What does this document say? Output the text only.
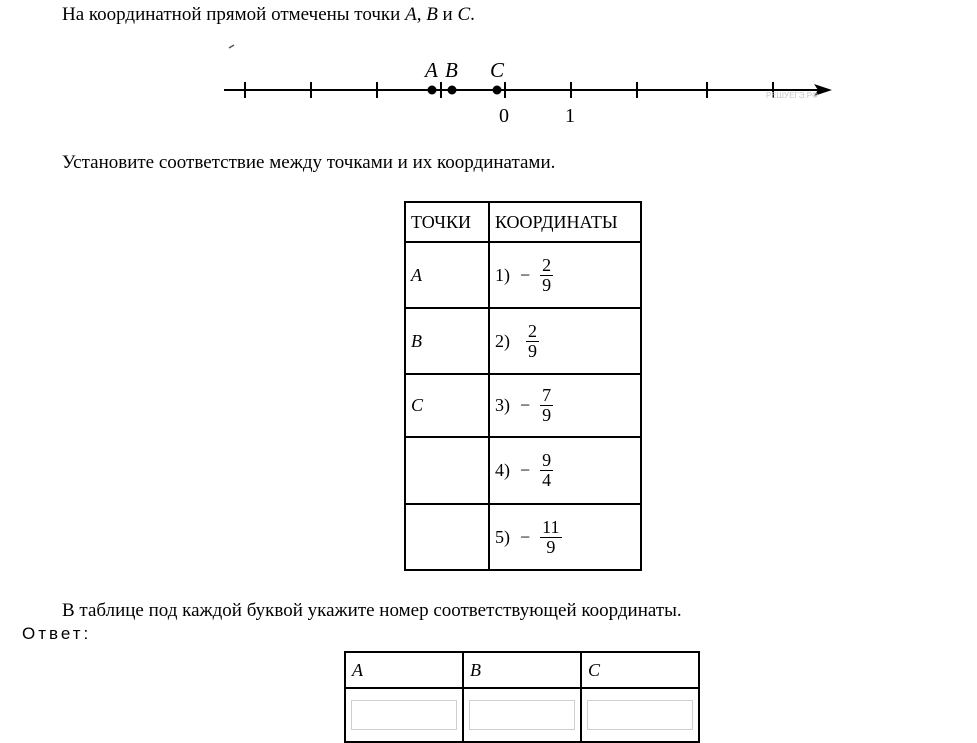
На координатной прямой отмечены точки A, B и C.
A B C
0	1
РЕШУЕГЭ.РФ
Установите соответствие между точками и их координатами.
ТОЧКИ	КООРДИНАТЫ
A	$1) - \frac{2}{9}$

B	$2) \frac{2}{9}$

C	$3) - \frac{7}{9}$

	$4) - \frac{9}{4}$

	$5) - \frac{11}{9}$
В таблице под каждой буквой укажите номер соответствующей координаты.
Ответ:
A	B	C
